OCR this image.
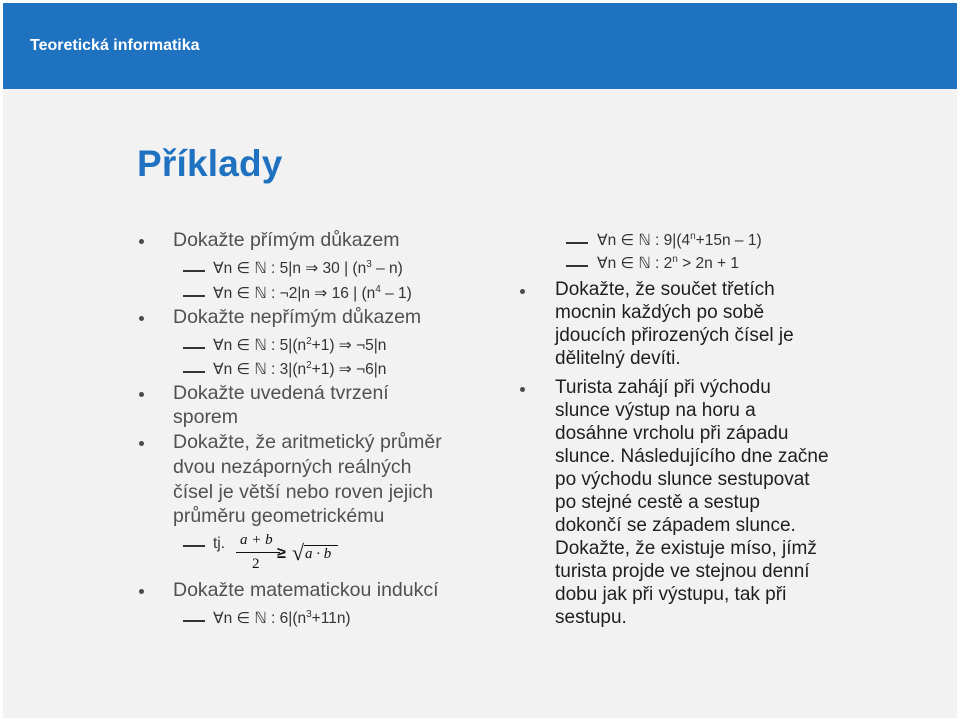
Teoretická informatika
Příklady
Dokažte přímým důkazem
∀n ∈ ℕ : 5|n ⇒ 30 | $(n^3 - n)$
∀n ∈ ℕ : ¬2|n ⇒ 16 | $(n^4 - 1)$
Dokažte nepřímým důkazem
∀n ∈ ℕ : $5|(n^2+1)$ ⇒ ¬5|n
∀n ∈ ℕ : $3|(n^2+1)$ ⇒ ¬6|n
Dokažte uvedená tvrzení
sporem
Dokažte, že aritmetický průměr
dvou nezáporných reálných
čísel je větší nebo roven jejich
průměru geometrickému
tj. a + b
2
≥ √ a · b
Dokažte matematickou indukcí
∀n ∈ ℕ : $6|(n^3+11n)$
∀n ∈ ℕ : $9|(4^n+15n - 1)$
∀n ∈ ℕ : $2^n > 2n + 1$
Dokažte, že součet třetích
mocnin každých po sobě
jdoucích přirozených čísel je
dělitelný devíti.
Turista zahájí při východu
slunce výstup na horu a
dosáhne vrcholu při západu
slunce. Následujícího dne začne
po východu slunce sestupovat
po stejné cestě a sestup
dokončí se západem slunce.
Dokažte, že existuje míso, jímž
turista projde ve stejnou denní
dobu jak při výstupu, tak při
sestupu.
